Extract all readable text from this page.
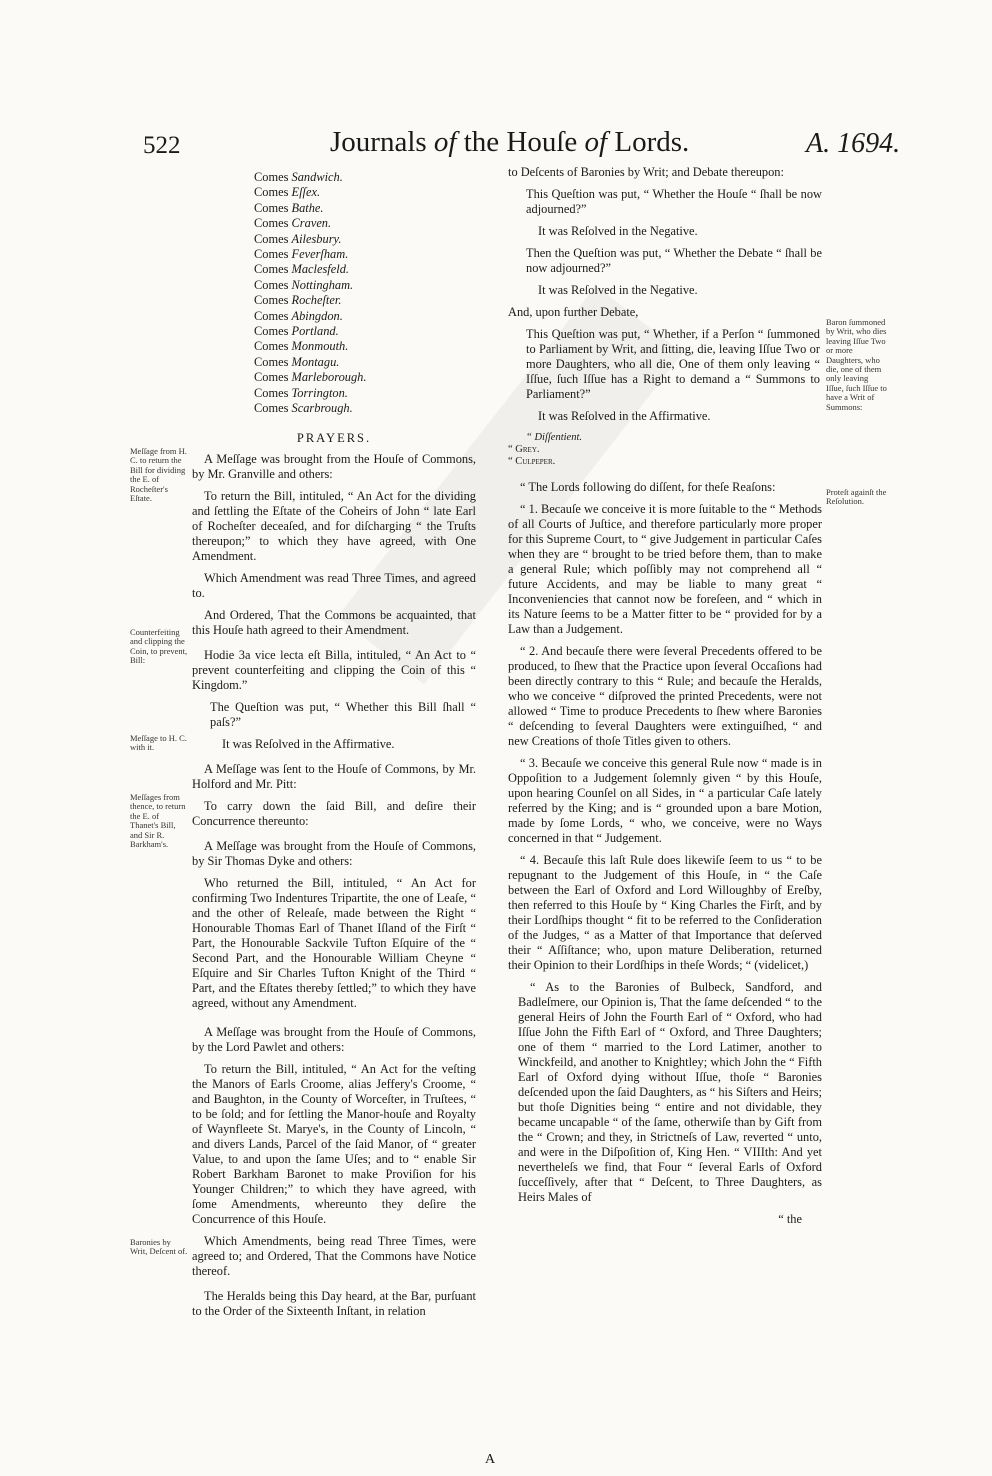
522	Journals of the Houſe of Lords.	A. 1694.
Comes Sandwich.
Comes Eſſex.
Comes Bathe.
Comes Craven.
Comes Ailesbury.
Comes Feverſham.
Comes Maclesfeld.
Comes Nottingham.
Comes Rocheſter.
Comes Abingdon.
Comes Portland.
Comes Monmouth.
Comes Montagu.
Comes Marleborough.
Comes Torrington.
Comes Scarbrough.
PRAYERS.

A Meſſage was brought from the Houſe of Commons, by Mr. Granville and others:

To return the Bill, intituled, “ An Act for the dividing and ſettling the Eſtate of the Coheirs of John “ late Earl of Rocheſter deceaſed, and for diſcharging “ the Truſts thereupon;” to which they have agreed, with One Amendment.

Which Amendment was read Three Times, and agreed to.

And Ordered, That the Commons be acquainted, that this Houſe hath agreed to their Amendment.

Hodie 3a vice lecta eſt Billa, intituled, “ An Act to “ prevent counterfeiting and clipping the Coin of this “ Kingdom.”

The Queſtion was put, “ Whether this Bill ſhall “ paſs?”

It was Reſolved in the Affirmative.

A Meſſage was ſent to the Houſe of Commons, by Mr. Holford and Mr. Pitt:

To carry down the ſaid Bill, and deſire their Concurrence thereunto:

A Meſſage was brought from the Houſe of Commons, by Sir Thomas Dyke and others:

Who returned the Bill, intituled, “ An Act for confirming Two Indentures Tripartite, the one of Leaſe, “ and the other of Releaſe, made between the Right “ Honourable Thomas Earl of Thanet Iſland of the Firſt “ Part, the Honourable Sackvile Tufton Eſquire of the “ Second Part, and the Honourable William Cheyne “ Eſquire and Sir Charles Tufton Knight of the Third “ Part, and the Eſtates thereby ſettled;” to which they have agreed, without any Amendment.

A Meſſage was brought from the Houſe of Commons, by the Lord Pawlet and others:

To return the Bill, intituled, “ An Act for the veſting the Manors of Earls Croome, alias Jeffery's Croome, “ and Baughton, in the County of Worceſter, in Truſtees, “ to be ſold; and for ſettling the Manor-houſe and Royalty of Waynfleete St. Marye's, in the County of Lincoln, “ and divers Lands, Parcel of the ſaid Manor, of “ greater Value, to and upon the ſame Uſes; and to “ enable Sir Robert Barkham Baronet to make Proviſion for his Younger Children;” to which they have agreed, with ſome Amendments, whereunto they deſire the Concurrence of this Houſe.

Which Amendments, being read Three Times, were agreed to; and Ordered, That the Commons have Notice thereof.

The Heralds being this Day heard, at the Bar, purſuant to the Order of the Sixteenth Inſtant, in relation

to Deſcents of Baronies by Writ; and Debate thereupon:

This Queſtion was put, “ Whether the Houſe “ ſhall be now adjourned?”

It was Reſolved in the Negative.

Then the Queſtion was put, “ Whether the Debate “ ſhall be now adjourned?”

It was Reſolved in the Negative.

And, upon further Debate,

This Queſtion was put, “ Whether, if a Perſon “ ſummoned to Parliament by Writ, and ſitting, die, leaving Iſſue Two or more Daughters, who all die, One of them only leaving “ Iſſue, ſuch Iſſue has a Right to demand a “ Summons to Parliament?”

It was Reſolved in the Affirmative.

“ Diſſentient.
“ Grey.
“ Culpeper.

“ The Lords following do diſſent, for theſe Reaſons:

“ 1. Becauſe we conceive it is more ſuitable to the “ Methods of all Courts of Juſtice, and therefore particularly more proper for this Supreme Court, to “ give Judgement in particular Caſes when they are “ brought to be tried before them, than to make a general Rule; which poſſibly may not comprehend all “ future Accidents, and may be liable to many great “ Inconveniencies that cannot now be foreſeen, and “ which in its Nature ſeems to be a Matter fitter to be “ provided for by a Law than a Judgement.

“ 2. And becauſe there were ſeveral Precedents offered to be produced, to ſhew that the Practice upon ſeveral Occaſions had been directly contrary to this “ Rule; and becauſe the Heralds, who we conceive “ diſproved the printed Precedents, were not allowed “ Time to produce Precedents to ſhew where Baronies “ deſcending to ſeveral Daughters were extinguiſhed, “ and new Creations of thoſe Titles given to others.

“ 3. Becauſe we conceive this general Rule now “ made is in Oppoſition to a Judgement ſolemnly given “ by this Houſe, upon hearing Counſel on all Sides, in “ a particular Caſe lately referred by the King; and is “ grounded upon a bare Motion, made by ſome Lords, “ who, we conceive, were no Ways concerned in that “ Judgement.

“ 4. Becauſe this laſt Rule does likewiſe ſeem to us “ to be repugnant to the Judgement of this Houſe, in “ the Caſe between the Earl of Oxford and Lord Willoughby of Ereſby, then referred to this Houſe by “ King Charles the Firſt, and by their Lordſhips thought “ fit to be referred to the Conſideration of the Judges, “ as a Matter of that Importance that deſerved their “ Aſſiſtance; who, upon mature Deliberation, returned their Opinion to their Lordſhips in theſe Words; “ (videlicet,)

“ As to the Baronies of Bulbeck, Sandford, and Badleſmere, our Opinion is, That the ſame deſcended “ to the general Heirs of John the Fourth Earl of “ Oxford, who had Iſſue John the Fifth Earl of “ Oxford, and Three Daughters; one of them “ married to the Lord Latimer, another to Winckfeild, and another to Knightley; which John the “ Fifth Earl of Oxford dying without Iſſue, thoſe “ Baronies deſcended upon the ſaid Daughters, as “ his Siſters and Heirs; but thoſe Dignities being “ entire and not dividable, they became uncapable “ of the ſame, otherwiſe than by Gift from the “ Crown; and they, in Strictneſs of Law, reverted “ unto, and were in the Diſpoſition of, King Hen. “ VIIIth: And yet nevertheleſs we find, that Four “ ſeveral Earls of Oxford ſucceſſively, after that “ Deſcent, to Three Daughters, as Heirs Males of

“ the
Meſſage from H. C. to return the Bill for dividing the E. of Rocheſter's Eſtate.
Counterfeiting and clipping the Coin, to prevent, Bill:
Meſſage to H. C. with it.
Meſſages from thence, to return the E. of Thanet's Bill, and Sir R. Barkham's.
Baronies by Writ, Deſcent of.
Baron ſummoned by Writ, who dies leaving Iſſue Two or more Daughters, who die, one of them only leaving Iſſue, ſuch Iſſue to have a Writ of Summons:
Proteſt againſt the Reſolution.
A
